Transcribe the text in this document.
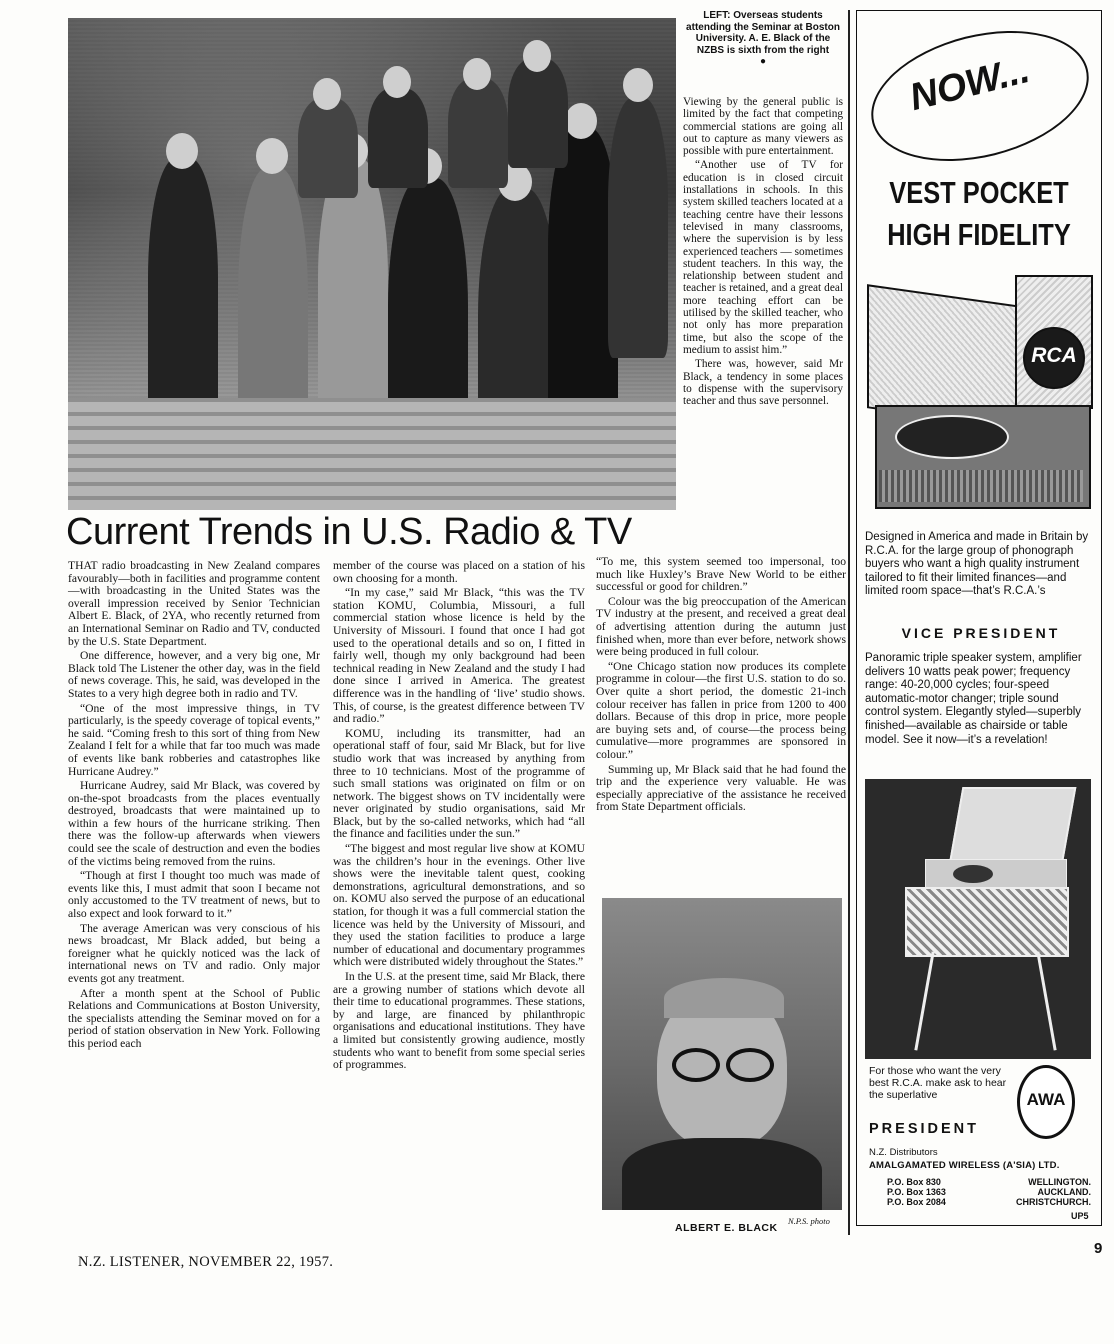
LEFT: Overseas students attending the Seminar at Boston University. A. E. Black of the NZBS is sixth from the right
●

Viewing by the general public is limited by the fact that competing commercial stations are going all out to capture as many viewers as possible with pure entertainment.

“Another use of TV for education is in closed circuit installations in schools. In this system skilled teachers located at a teaching centre have their lessons televised in many classrooms, where the supervision is by less experienced teachers — sometimes student teachers. In this way, the relationship between student and teacher is retained, and a great deal more teaching effort can be utilised by the skilled teacher, who not only has more preparation time, but also the scope of the medium to assist him.”

There was, however, said Mr Black, a tendency in some places to dispense with the supervisory teacher and thus save personnel.

Current Trends in U.S. Radio & TV

THAT radio broadcasting in New Zealand compares favourably—both in facilities and programme content—with broadcasting in the United States was the overall impression received by Senior Technician Albert E. Black, of 2YA, who recently returned from an International Seminar on Radio and TV, conducted by the U.S. State Department.

One difference, however, and a very big one, Mr Black told The Listener the other day, was in the field of news coverage. This, he said, was developed in the States to a very high degree both in radio and TV.

“One of the most impressive things, in TV particularly, is the speedy coverage of topical events,” he said. “Coming fresh to this sort of thing from New Zealand I felt for a while that far too much was made of events like bank robberies and catastrophes like Hurricane Audrey.”

Hurricane Audrey, said Mr Black, was covered by on-the-spot broadcasts from the places eventually destroyed, broadcasts that were maintained up to within a few hours of the hurricane striking. Then there was the follow-up afterwards when viewers could see the scale of destruction and even the bodies of the victims being removed from the ruins.

“Though at first I thought too much was made of events like this, I must admit that soon I became not only accustomed to the TV treatment of news, but to also expect and look forward to it.”

The average American was very conscious of his news broadcast, Mr Black added, but being a foreigner what he quickly noticed was the lack of international news on TV and radio. Only major events got any treatment.

After a month spent at the School of Public Relations and Communications at Boston University, the specialists attending the Seminar moved on for a period of station observation in New York. Following this period each

member of the course was placed on a station of his own choosing for a month.

“In my case,” said Mr Black, “this was the TV station KOMU, Columbia, Missouri, a full commercial station whose licence is held by the University of Missouri. I found that once I had got used to the operational details and so on, I fitted in fairly well, though my only background had been technical reading in New Zealand and the study I had done since I arrived in America. The greatest difference was in the handling of ‘live’ studio shows. This, of course, is the greatest difference between TV and radio.”

KOMU, including its transmitter, had an operational staff of four, said Mr Black, but for live studio work that was increased by anything from three to 10 technicians. Most of the programme of such small stations was originated on film or on network. The biggest shows on TV incidentally were never originated by studio organisations, said Mr Black, but by the so-called networks, which had “all the finance and facilities under the sun.”

“The biggest and most regular live show at KOMU was the children’s hour in the evenings. Other live shows were the inevitable talent quest, cooking demonstrations, agricultural demonstrations, and so on. KOMU also served the purpose of an educational station, for though it was a full commercial station the licence was held by the University of Missouri, and they used the station facilities to produce a large number of educational and documentary programmes which were distributed widely throughout the States.”

In the U.S. at the present time, said Mr Black, there are a growing number of stations which devote all their time to educational programmes. These stations, by and large, are financed by philanthropic organisations and educational institutions. They have a limited but consistently growing audience, mostly students who want to benefit from some special series of programmes.

“To me, this system seemed too impersonal, too much like Huxley’s Brave New World to be either successful or good for children.”

Colour was the big preoccupation of the American TV industry at the present, and received a great deal of advertising attention during the autumn just finished when, more than ever before, network shows were being produced in full colour.

“One Chicago station now produces its complete programme in colour—the first U.S. station to do so. Over quite a short period, the domestic 21-inch colour receiver has fallen in price from 1200 to 400 dollars. Because of this drop in price, more people are buying sets and, of course—the process being cumulative—more programmes are sponsored in colour.”

Summing up, Mr Black said that he had found the trip and the experience very valuable. He was especially appreciative of the assistance he received from State Department officials.

ALBERT E. BLACK
N.P.S. photo
N.Z. LISTENER, NOVEMBER 22, 1957.
9
NOW...
VEST POCKET
HIGH FIDELITY
RCA
Designed in America and made in Britain by R.C.A. for the large group of phonograph buyers who want a high quality instrument tailored to fit their limited finances—and limited room space—that’s R.C.A.’s
VICE PRESIDENT
Panoramic triple speaker system, amplifier delivers 10 watts peak power; frequency range: 40-20,000 cycles; four-speed automatic-motor changer; triple sound control system. Elegantly styled—superbly finished—available as chairside or table model. See it now—it’s a revelation!
For those who want the very best R.C.A. make ask to hear the superlative	AWA
PRESIDENT
N.Z. Distributors
AMALGAMATED WIRELESS (A'SIA) LTD.
P.O. Box 830	WELLINGTON.
P.O. Box 1363	AUCKLAND.
P.O. Box 2084	CHRISTCHURCH.
UP5
